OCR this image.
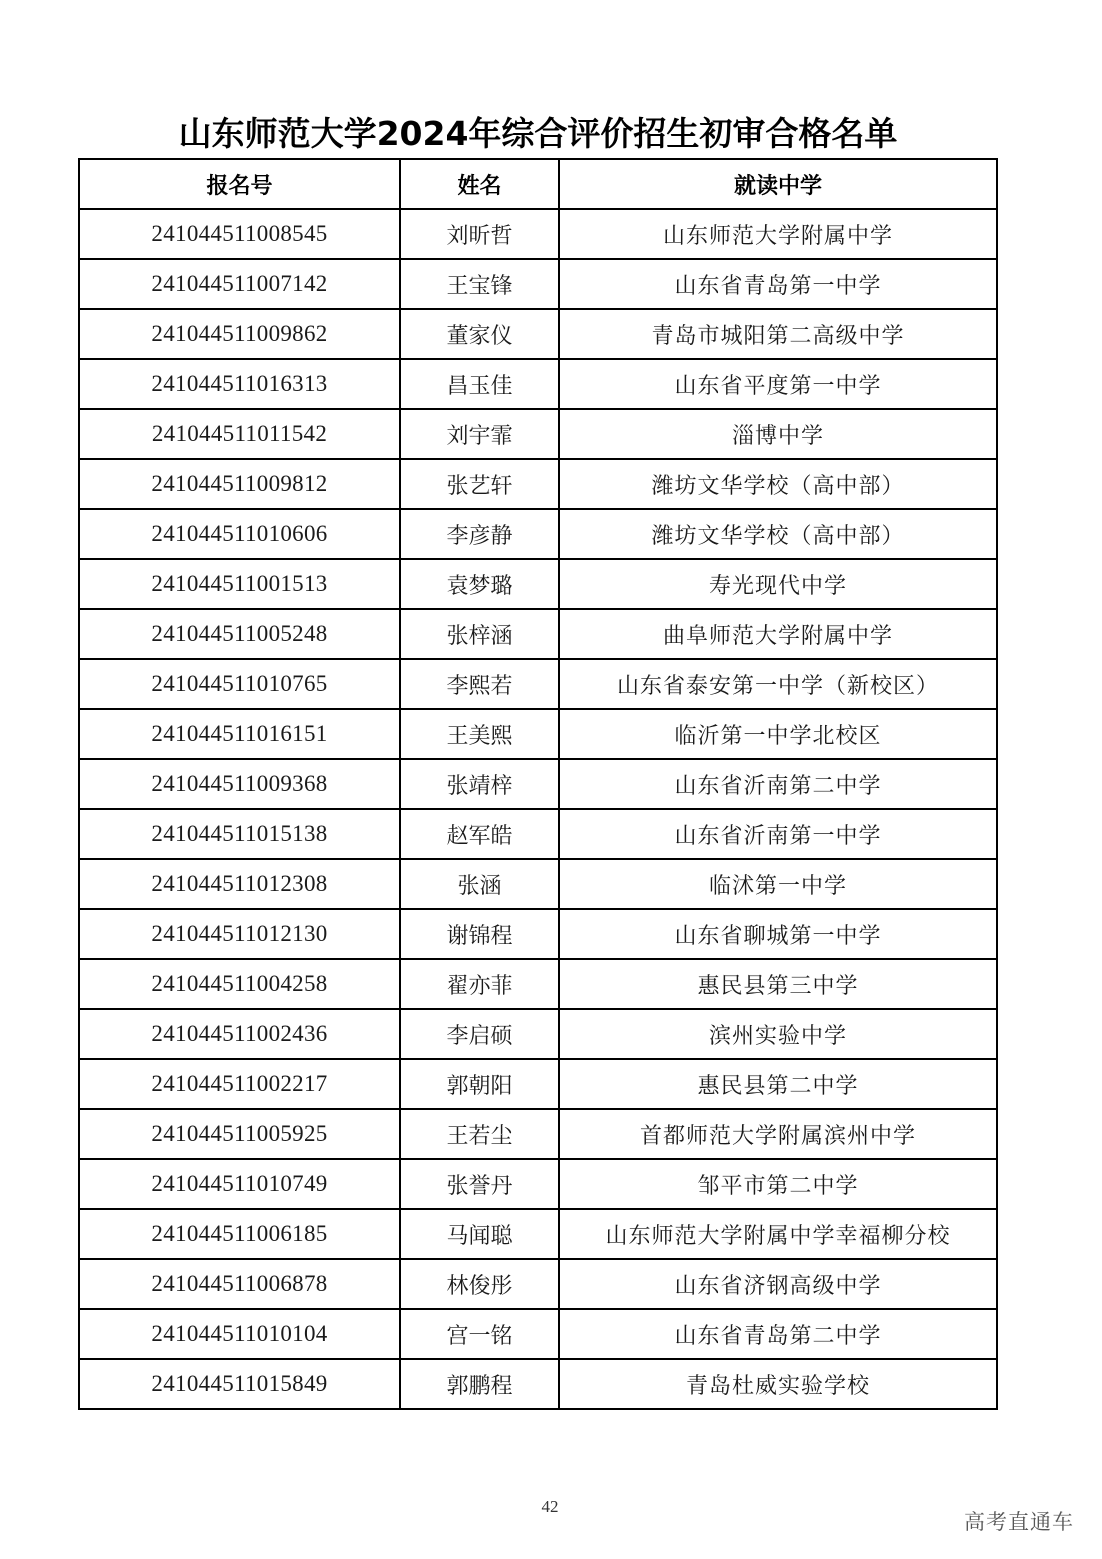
山东师范大学2024年综合评价招生初审合格名单
报名号	姓名	就读中学
241044511008545	刘昕哲	山东师范大学附属中学
241044511007142	王宝锋	山东省青岛第一中学
241044511009862	董家仪	青岛市城阳第二高级中学
241044511016313	昌玉佳	山东省平度第一中学
241044511011542	刘宇霏	淄博中学
241044511009812	张艺轩	潍坊文华学校（高中部）
241044511010606	李彦静	潍坊文华学校（高中部）
241044511001513	袁梦璐	寿光现代中学
241044511005248	张梓涵	曲阜师范大学附属中学
241044511010765	李熙若	山东省泰安第一中学（新校区）
241044511016151	王美熙	临沂第一中学北校区
241044511009368	张靖梓	山东省沂南第二中学
241044511015138	赵军皓	山东省沂南第一中学
241044511012308	张涵	临沭第一中学
241044511012130	谢锦程	山东省聊城第一中学
241044511004258	翟亦菲	惠民县第三中学
241044511002436	李启硕	滨州实验中学
241044511002217	郭朝阳	惠民县第二中学
241044511005925	王若尘	首都师范大学附属滨州中学
241044511010749	张誉丹	邹平市第二中学
241044511006185	马闻聪	山东师范大学附属中学幸福柳分校
241044511006878	林俊彤	山东省济钢高级中学
241044511010104	宫一铭	山东省青岛第二中学
241044511015849	郭鹏程	青岛杜威实验学校
42
高考直通车
